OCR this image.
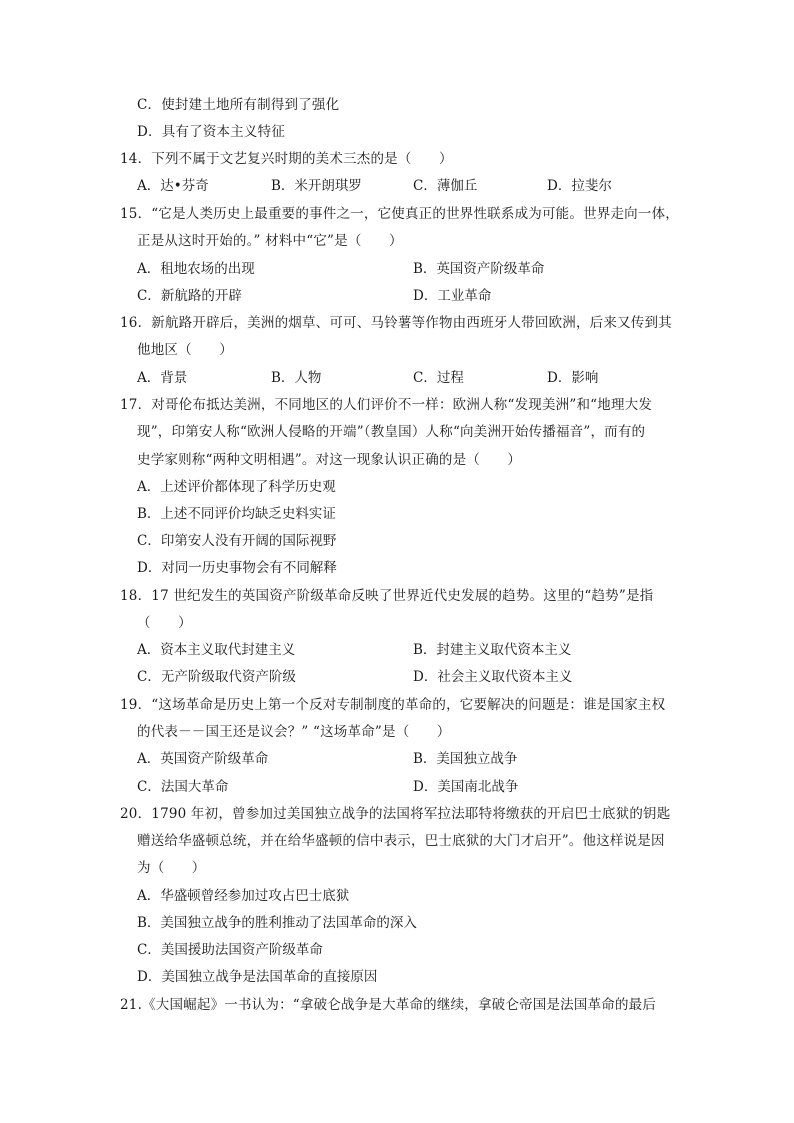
C．使封建土地所有制得到了强化
D．具有了资本主义特征
14．下列不属于文艺复兴时期的美术三杰的是（　　）
A．达•芬奇	B．米开朗琪罗	C．薄伽丘	D．拉斐尔
15．“它是人类历史上最重要的事件之一，它使真正的世界性联系成为可能。世界走向一体，
正是从这时开始的。” 材料中“它”是（　　）
A．租地农场的出现	B．英国资产阶级革命
C．新航路的开辟	D．工业革命
16．新航路开辟后，美洲的烟草、可可、马铃薯等作物由西班牙人带回欧洲，后来又传到其
他地区（　　）
A．背景	B．人物	C．过程	D．影响
17．对哥伦布抵达美洲，不同地区的人们评价不一样：欧洲人称“发现美洲”和“地理大发
现”，印第安人称“欧洲人侵略的开端”（教皇国）人称“向美洲开始传播福音”，而有的
史学家则称“两种文明相遇”。对这一现象认识正确的是（　　）
A．上述评价都体现了科学历史观
B．上述不同评价均缺乏史料实证
C．印第安人没有开阔的国际视野
D．对同一历史事物会有不同解释
18．17 世纪发生的英国资产阶级革命反映了世界近代史发展的趋势。这里的“趋势”是指
（　　）
A．资本主义取代封建主义	B．封建主义取代资本主义
C．无产阶级取代资产阶级	D．社会主义取代资本主义
19．“这场革命是历史上第一个反对专制制度的革命的，它要解决的问题是：谁是国家主权
的代表－－国王还是议会？” “这场革命”是（　　）
A．英国资产阶级革命	B．美国独立战争
C．法国大革命	D．美国南北战争
20．1790 年初，曾参加过美国独立战争的法国将军拉法耶特将缴获的开启巴士底狱的钥匙
赠送给华盛顿总统，并在给华盛顿的信中表示，巴士底狱的大门才启开”。他这样说是因
为（　　）
A．华盛顿曾经参加过攻占巴士底狱
B．美国独立战争的胜利推动了法国革命的深入
C．美国援助法国资产阶级革命
D．美国独立战争是法国革命的直接原因
21.《大国崛起》一书认为：“拿破仑战争是大革命的继续，拿破仑帝国是法国革命的最后
